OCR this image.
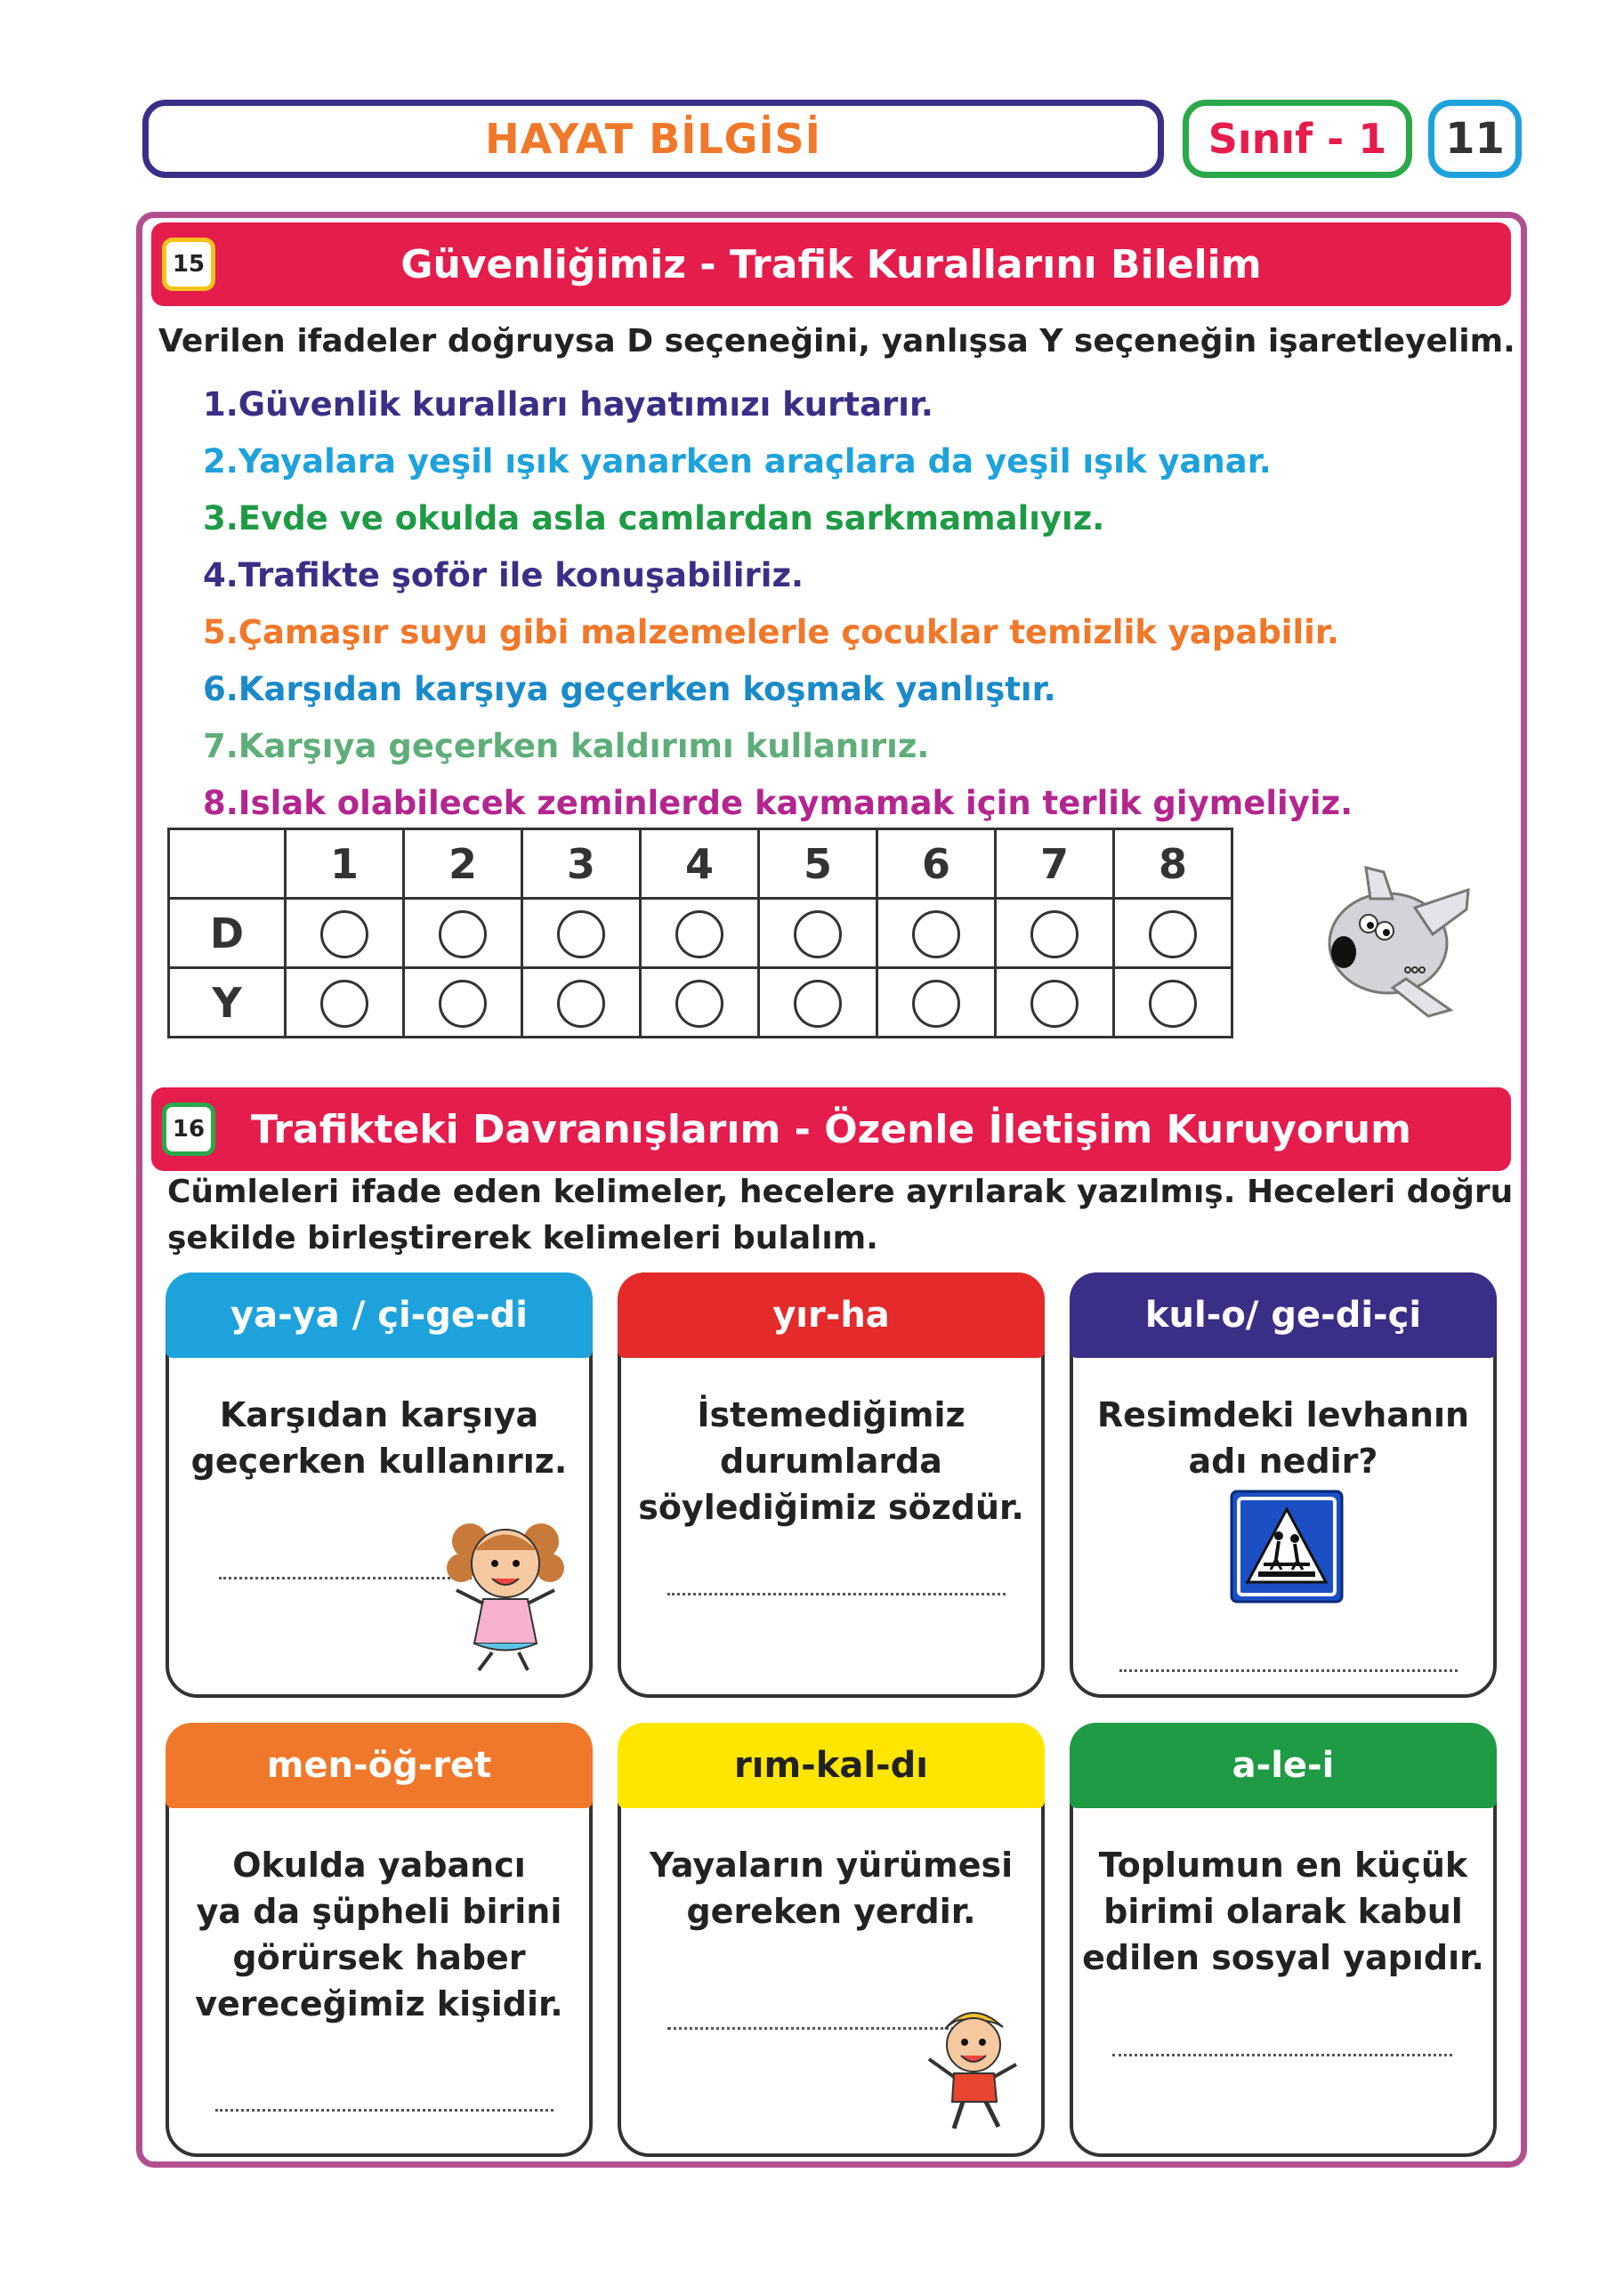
HAYAT BİLGİSİ	Sınıf - 1 11
15	Güvenliğimiz - Trafik Kurallarını Bilelim
Verilen ifadeler doğruysa D seçeneğini, yanlışsa Y seçeneğin işaretleyelim.
1.Güvenlik kuralları hayatımızı kurtarır.
2.Yayalara yeşil ışık yanarken araçlara da yeşil ışık yanar.
3.Evde ve okulda asla camlardan sarkmamalıyız.
4.Trafikte şoför ile konuşabiliriz.
5.Çamaşır suyu gibi malzemelerle çocuklar temizlik yapabilir.
6.Karşıdan karşıya geçerken koşmak yanlıştır.
7.Karşıya geçerken kaldırımı kullanırız.
8.Islak olabilecek zeminlerde kaymamak için terlik giymeliyiz.
	1	2	3	4	5	6	7	8
D								
Y								
16 Trafikteki Davranışlarım - Özenle İletişim Kuruyorum
Cümleleri ifade eden kelimeler, hecelere ayrılarak yazılmış. Heceleri doğru
şekilde birleştirerek kelimeleri bulalım.
ya-ya / çi-ge-di
Karşıdan karşıya
geçerken kullanırız.
yır-ha
İstemediğimiz
durumlarda
söylediğimiz sözdür.
kul-o/ ge-di-çi
Resimdeki levhanın
adı nedir?
men-öğ-ret
Okulda yabancı
ya da şüpheli birini
görürsek haber
vereceğimiz kişidir.
rım-kal-dı
Yayaların yürümesi
gereken yerdir.
a-le-i
Toplumun en küçük
birimi olarak kabul
edilen sosyal yapıdır.
